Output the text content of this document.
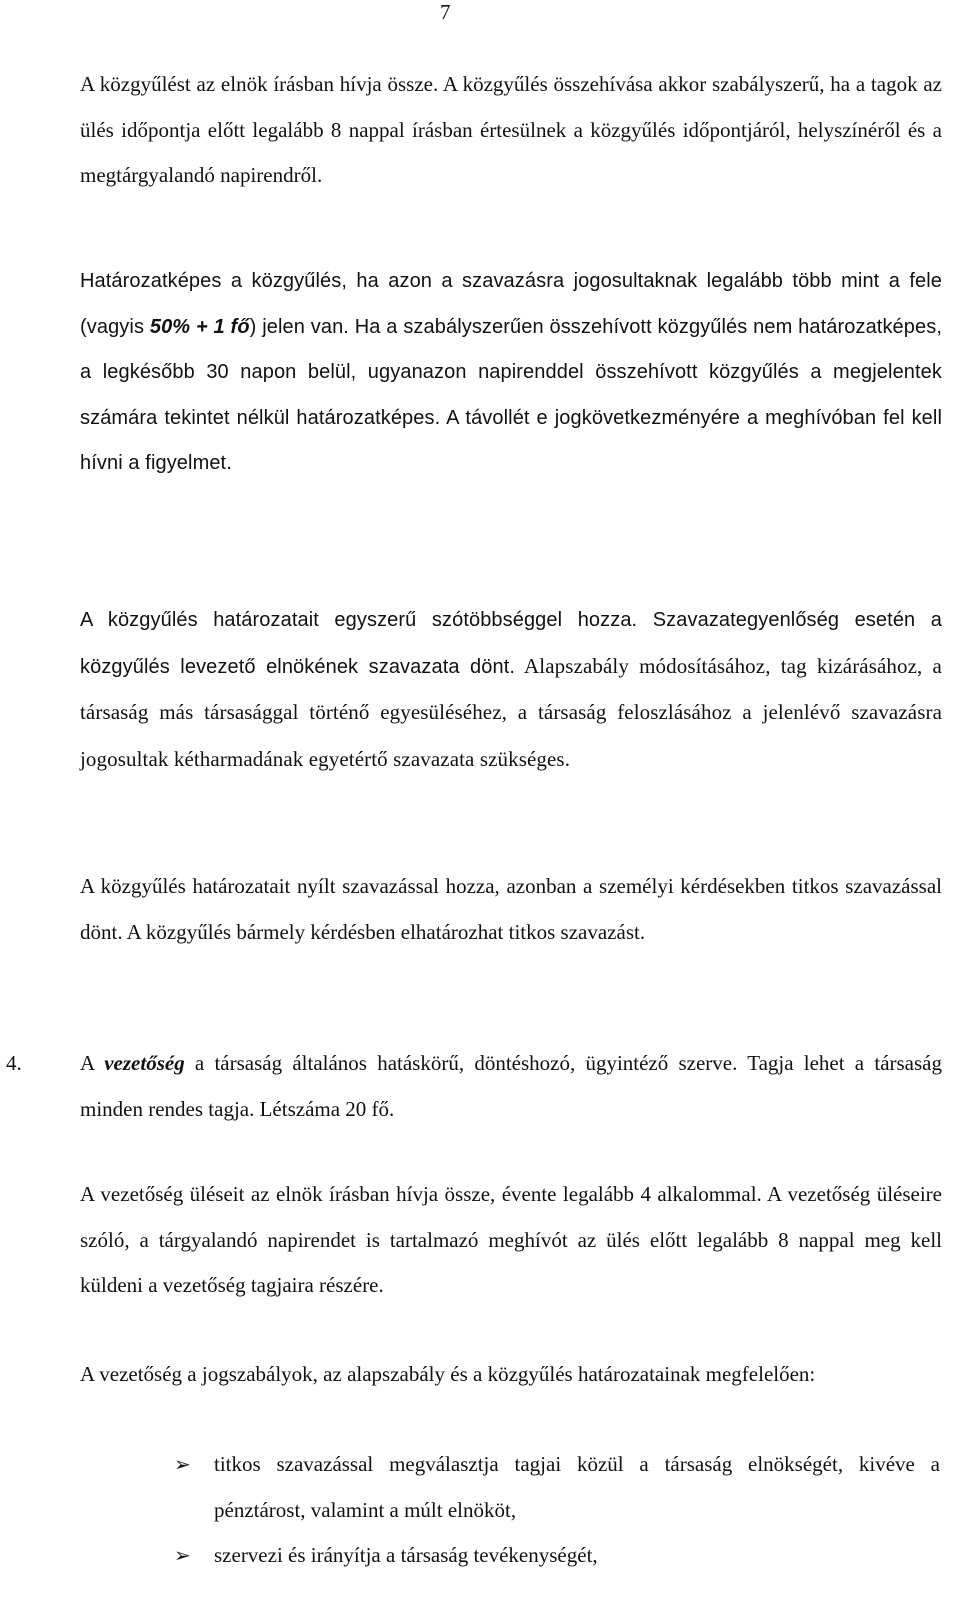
7

A közgyűlést az elnök írásban hívja össze. A közgyűlés összehívása akkor szabályszerű, ha a tagok az ülés időpontja előtt legalább 8 nappal írásban értesülnek a közgyűlés időpontjáról, helyszínéről és a megtárgyalandó napirendről.

Határozatképes a közgyűlés, ha azon a szavazásra jogosultaknak legalább több mint a fele (vagyis 50% + 1 fő) jelen van. Ha a szabályszerűen összehívott közgyűlés nem határozatképes, a legkésőbb 30 napon belül, ugyanazon napirenddel összehívott közgyűlés a megjelentek számára tekintet nélkül határozatképes. A távollét e jogkövetkezményére a meghívóban fel kell hívni a figyelmet.

A közgyűlés határozatait egyszerű szótöbbséggel hozza. Szavazategyenlőség esetén a közgyűlés levezető elnökének szavazata dönt. Alapszabály módosításához, tag kizárásához, a társaság más társasággal történő egyesüléséhez, a társaság feloszlásához a jelenlévő szavazásra jogosultak kétharmadának egyetértő szavazata szükséges.

A közgyűlés határozatait nyílt szavazással hozza, azonban a személyi kérdésekben titkos szavazással dönt. A közgyűlés bármely kérdésben elhatározhat titkos szavazást.

A vezetőség a társaság általános hatáskörű, döntéshozó, ügyintéző szerve. Tagja lehet a társaság minden rendes tagja. Létszáma 20 fő.

A vezetőség üléseit az elnök írásban hívja össze, évente legalább 4 alkalommal. A vezetőség üléseire szóló, a tárgyalandó napirendet is tartalmazó meghívót az ülés előtt legalább 8 nappal meg kell küldeni a vezetőség tagjaira részére.

A vezetőség a jogszabályok, az alapszabály és a közgyűlés határozatainak megfelelően:

4.
➢ titkos szavazással megválasztja tagjai közül a társaság elnökségét, kivéve a pénztárost, valamint a múlt elnököt,
➢ szervezi és irányítja a társaság tevékenységét,
